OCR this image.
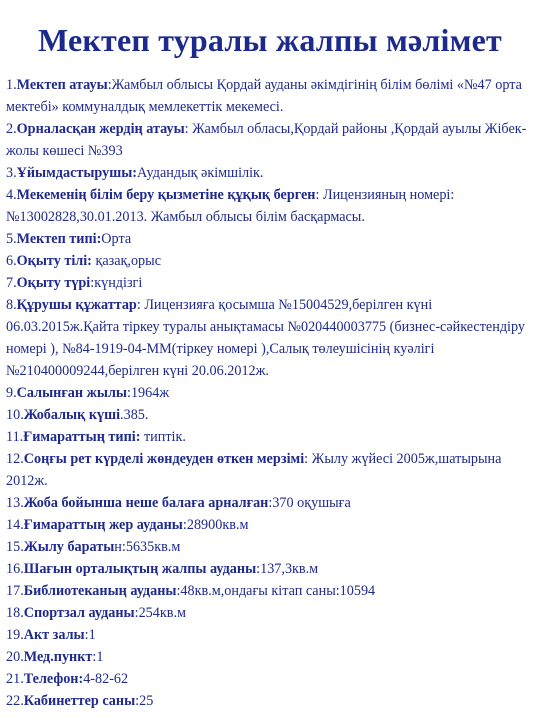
Мектеп туралы жалпы мәлімет

1.Мектеп атауы:Жамбыл облысы Қордай ауданы әкімдігінің білім бөлімі «№47 орта мектебі» коммуналдық мемлекеттік мекемесі.

2.Орналасқан жердің атауы: Жамбыл обласы,Қордай районы ,Қордай ауылы Жібек-жолы көшесі №393

3.Ұйымдастырушы:Аудандық әкімшілік.

4.Мекеменің білім беру қызметіне құқық берген: Лицензияның номері: №13002828,30.01.2013. Жамбыл облысы білім басқармасы.

5.Мектеп типі:Орта

6.Оқыту тілі: қазақ,орыс

7.Оқыту түрі:күндізгі

8.Құрушы құжаттар: Лицензияға қосымша №15004529,берілген күні 06.03.2015ж.Қайта тіркеу туралы анықтамасы №020440003775 (бизнес-сәйкестендіру номері ), №84-1919-04-ММ(тіркеу номері ),Салық төлеушісінің куәлігі №210400009244,берілген күні 20.06.2012ж.

9.Салынған жылы:1964ж

10.Жобалық күші.385.

11.Ғимараттың типі: типтік.

12.Соңғы рет күрделі жөндеуден өткен мерзімі: Жылу жүйесі 2005ж,шатырына 2012ж.

13.Жоба бойынша неше балаға арналған:370 оқушыға

14.Ғимараттың жер ауданы:28900кв.м

15.Жылу баратын:5635кв.м

16.Шағын орталықтың жалпы ауданы:137,3кв.м

17.Библиотеканың ауданы:48кв.м,ондағы кітап саны:10594

18.Спортзал ауданы:254кв.м

19.Акт залы:1

20.Мед.пункт:1

21.Телефон:4-82-62

22.Кабинеттер саны:25
